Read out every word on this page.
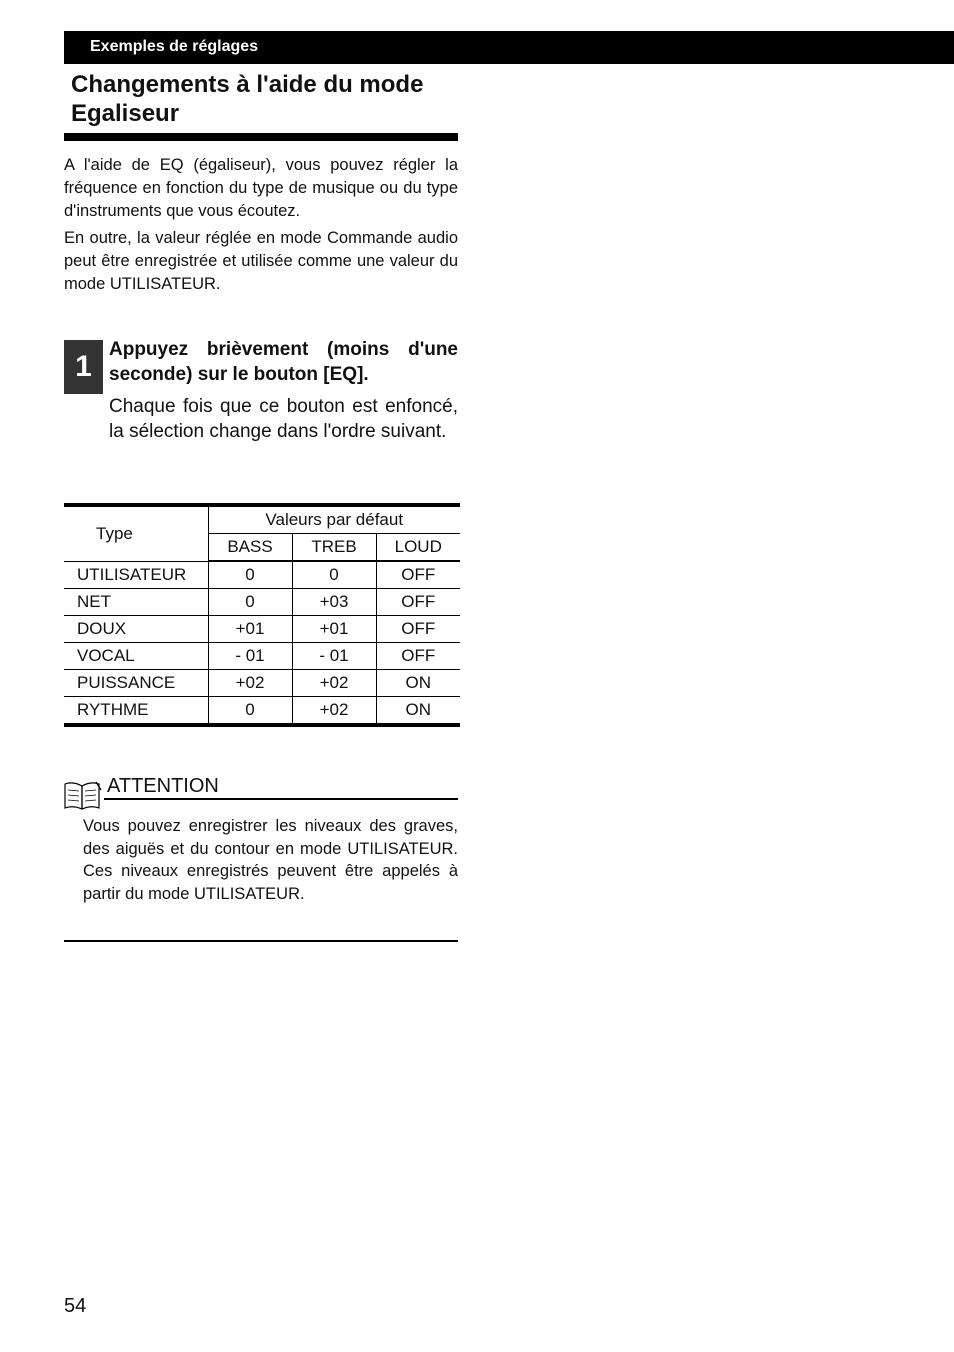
Exemples de réglages
Changements à l'aide du mode Egaliseur

A l'aide de EQ (égaliseur), vous pouvez régler la fréquence en fonction du type de musique ou du type d'instruments que vous écoutez.

En outre, la valeur réglée en mode Commande audio peut être enregistrée et utilisée comme une valeur du mode UTILISATEUR.

1
Appuyez brièvement (moins d'une seconde) sur le bouton [EQ].
Chaque fois que ce bouton est enfoncé, la sélection change dans l'ordre suivant.
Type	Valeurs par défaut		
	BASS	TREB	LOUD
UTILISATEUR	0	0	OFF
NET	0	+03	OFF
DOUX	+01	+01	OFF
VOCAL	- 01	- 01	OFF
PUISSANCE	+02	+02	ON
RYTHME	0	+02	ON
ATTENTION
Vous pouvez enregistrer les niveaux des graves, des aiguës et du contour en mode UTILISATEUR. Ces niveaux enregistrés peuvent être appelés à partir du mode UTILISATEUR.
54
